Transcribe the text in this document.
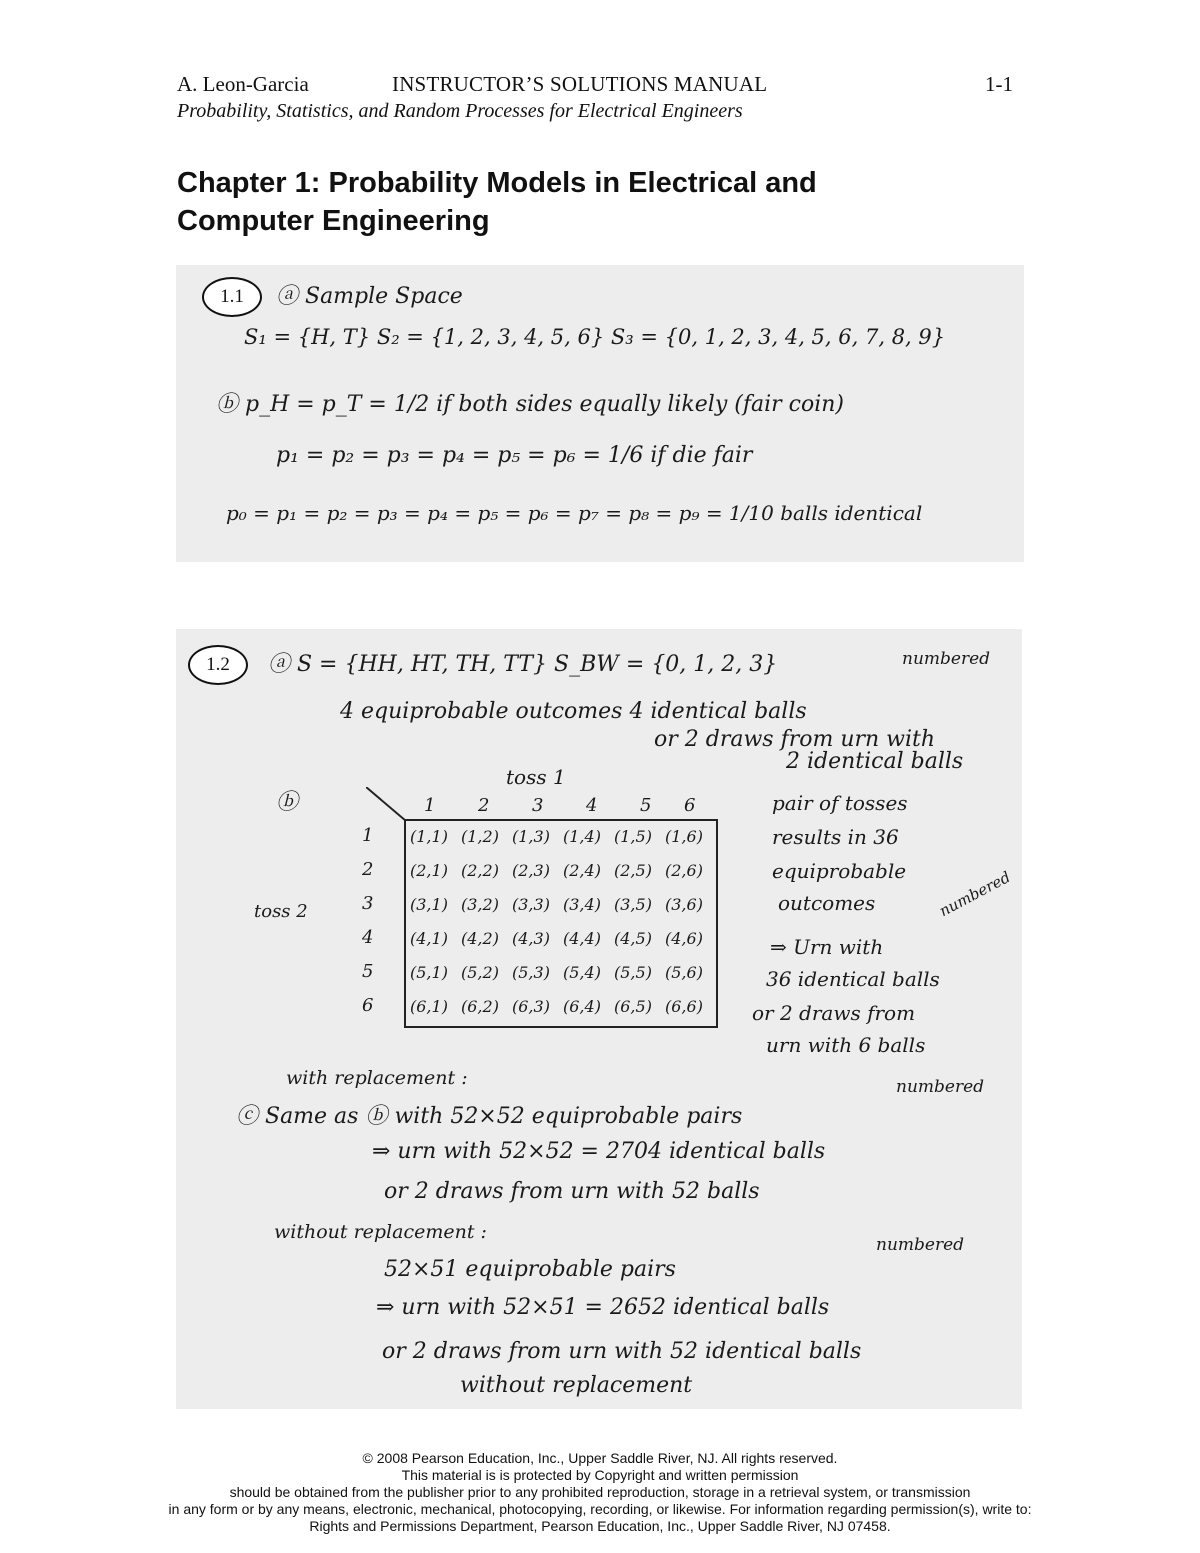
A. Leon-Garcia	INSTRUCTOR’S SOLUTIONS MANUAL	1-1
Probability, Statistics, and Random Processes for Electrical Engineers
Chapter 1: Probability Models in Electrical and
Computer Engineering
1.1	ⓐ Sample Space
S₁ = {H, T} S₂ = {1, 2, 3, 4, 5, 6} S₃ = {0, 1, 2, 3, 4, 5, 6, 7, 8, 9}
ⓑ p_H = p_T = 1/2 if both sides equally likely (fair coin)
p₁ = p₂ = p₃ = p₄ = p₅ = p₆ = 1/6 if die fair
p₀ = p₁ = p₂ = p₃ = p₄ = p₅ = p₆ = p₇ = p₈ = p₉ = 1/10 balls identical
1.2	ⓐ S = {HH, HT, TH, TT} S_BW = {0, 1, 2, 3}	numbered
4 equiprobable outcomes 4 identical balls
or 2 draws from urn with
2 identical balls
toss 1
ⓑ	1 2 3 4 5 6
toss 2
1
2
3
4
5
6
(1,1) (1,2) (1,3) (1,4) (1,5) (1,6)
(2,1) (2,2) (2,3) (2,4) (2,5) (2,6)
(3,1) (3,2) (3,3) (3,4) (3,5) (3,6)
(4,1) (4,2) (4,3) (4,4) (4,5) (4,6)
(5,1) (5,2) (5,3) (5,4) (5,5) (5,6)
(6,1) (6,2) (6,3) (6,4) (6,5) (6,6)
pair of tosses
results in 36
equiprobable
outcomes	numbered
⇒ Urn with
36 identical balls
or 2 draws from
urn with 6 balls
with replacement :
ⓒ Same as ⓑ with 52×52 equiprobable pairs
numbered
⇒ urn with 52×52 = 2704 identical balls
or 2 draws from urn with 52 balls
without replacement :
52×51 equiprobable pairs
numbered
⇒ urn with 52×51 = 2652 identical balls
or 2 draws from urn with 52 identical balls
without replacement
© 2008 Pearson Education, Inc., Upper Saddle River, NJ. All rights reserved.
This material is is protected by Copyright and written permission
should be obtained from the publisher prior to any prohibited reproduction, storage in a retrieval system, or transmission
in any form or by any means, electronic, mechanical, photocopying, recording, or likewise. For information regarding permission(s), write to:
Rights and Permissions Department, Pearson Education, Inc., Upper Saddle River, NJ 07458.
